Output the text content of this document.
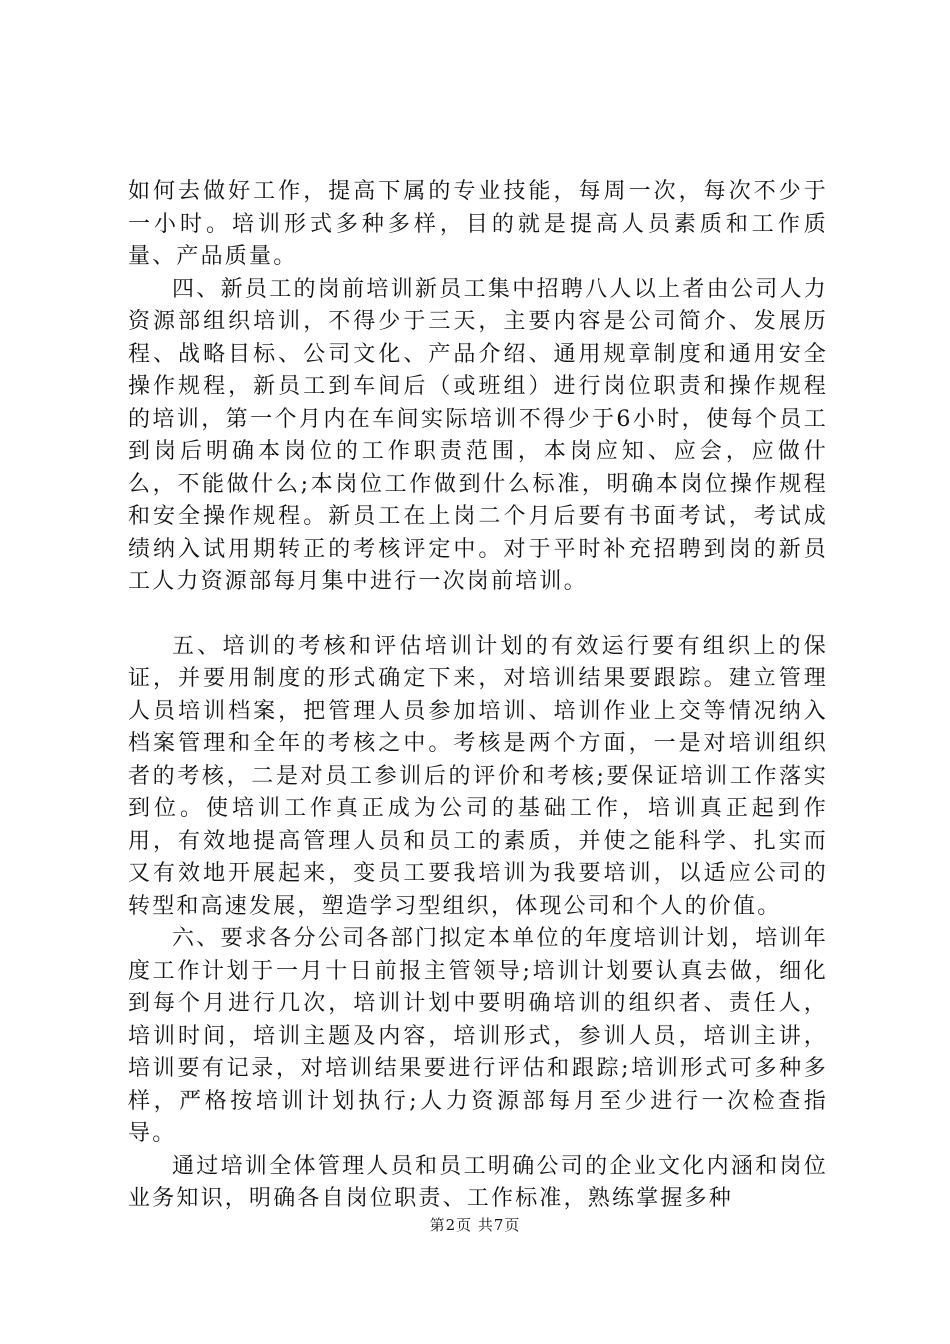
如何去做好工作，提高下属的专业技能，每周一次，每次不少于一小时。培训形式多种多样，目的就是提高人员素质和工作质量、产品质量。

四、新员工的岗前培训新员工集中招聘八人以上者由公司人力资源部组织培训，不得少于三天，主要内容是公司简介、发展历程、战略目标、公司文化、产品介绍、通用规章制度和通用安全操作规程，新员工到车间后（或班组）进行岗位职责和操作规程的培训，第一个月内在车间实际培训不得少于6小时，使每个员工到岗后明确本岗位的工作职责范围，本岗应知、应会，应做什么，不能做什么;本岗位工作做到什么标准，明确本岗位操作规程和安全操作规程。新员工在上岗二个月后要有书面考试，考试成绩纳入试用期转正的考核评定中。对于平时补充招聘到岗的新员工人力资源部每月集中进行一次岗前培训。

五、培训的考核和评估培训计划的有效运行要有组织上的保证，并要用制度的形式确定下来，对培训结果要跟踪。建立管理人员培训档案，把管理人员参加培训、培训作业上交等情况纳入档案管理和全年的考核之中。考核是两个方面，一是对培训组织者的考核，二是对员工参训后的评价和考核;要保证培训工作落实到位。使培训工作真正成为公司的基础工作，培训真正起到作用，有效地提高管理人员和员工的素质，并使之能科学、扎实而又有效地开展起来，变员工要我培训为我要培训，以适应公司的转型和高速发展，塑造学习型组织，体现公司和个人的价值。

六、要求各分公司各部门拟定本单位的年度培训计划，培训年度工作计划于一月十日前报主管领导;培训计划要认真去做，细化到每个月进行几次，培训计划中要明确培训的组织者、责任人，培训时间，培训主题及内容，培训形式，参训人员，培训主讲，培训要有记录，对培训结果要进行评估和跟踪;培训形式可多种多样，严格按培训计划执行;人力资源部每月至少进行一次检查指导。

通过培训全体管理人员和员工明确公司的企业文化内涵和岗位业务知识，明确各自岗位职责、工作标准，熟练掌握多种

第2页 共7页
